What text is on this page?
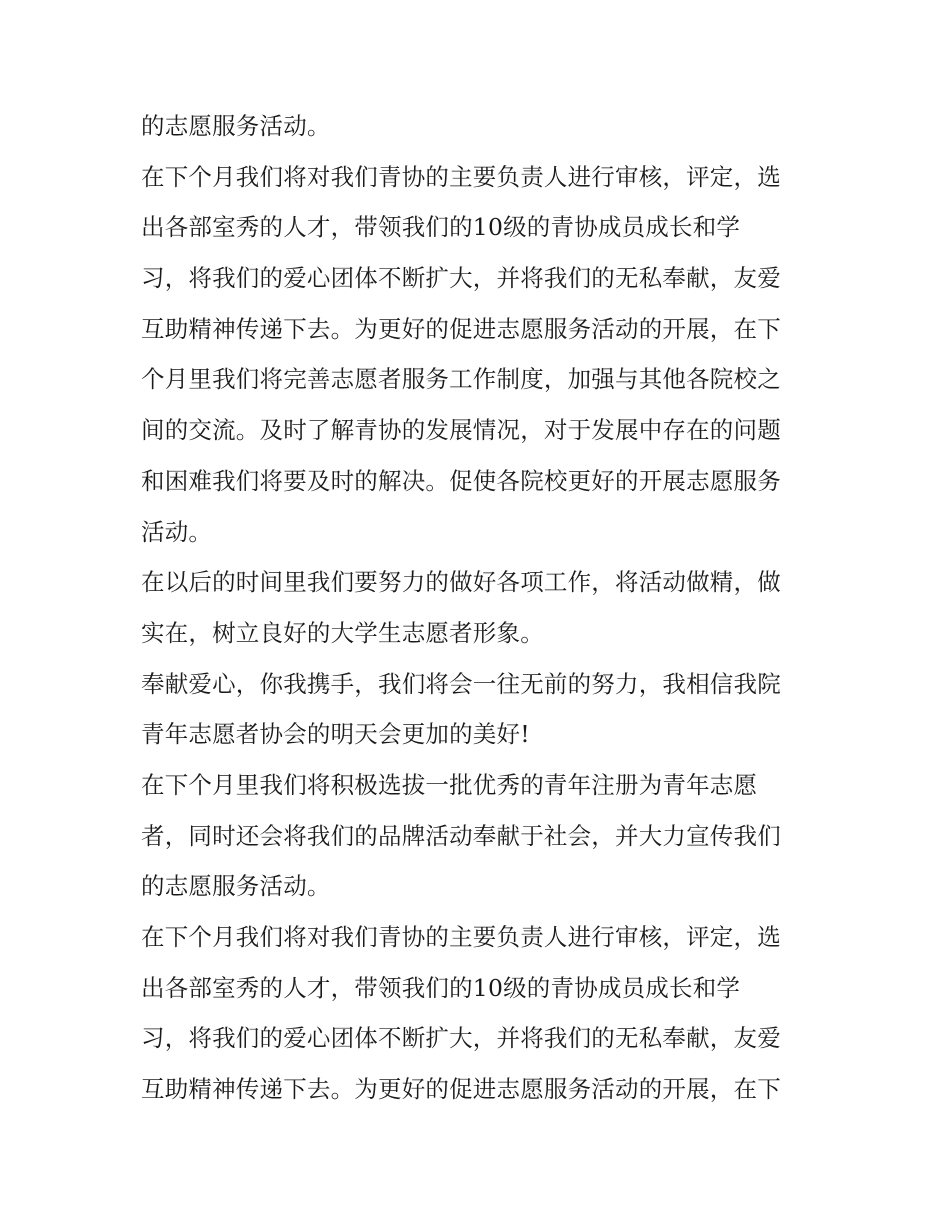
的志愿服务活动。
在下个月我们将对我们青协的主要负责人进行审核，评定，选
出各部室秀的人才，带领我们的10级的青协成员成长和学
习，将我们的爱心团体不断扩大，并将我们的无私奉献，友爱
互助精神传递下去。为更好的促进志愿服务活动的开展，在下
个月里我们将完善志愿者服务工作制度，加强与其他各院校之
间的交流。及时了解青协的发展情况，对于发展中存在的问题
和困难我们将要及时的解决。促使各院校更好的开展志愿服务
活动。
在以后的时间里我们要努力的做好各项工作，将活动做精，做
实在，树立良好的大学生志愿者形象。
奉献爱心，你我携手，我们将会一往无前的努力，我相信我院
青年志愿者协会的明天会更加的美好!
在下个月里我们将积极选拔一批优秀的青年注册为青年志愿
者，同时还会将我们的品牌活动奉献于社会，并大力宣传我们
的志愿服务活动。
在下个月我们将对我们青协的主要负责人进行审核，评定，选
出各部室秀的人才，带领我们的10级的青协成员成长和学
习，将我们的爱心团体不断扩大，并将我们的无私奉献，友爱
互助精神传递下去。为更好的促进志愿服务活动的开展，在下
